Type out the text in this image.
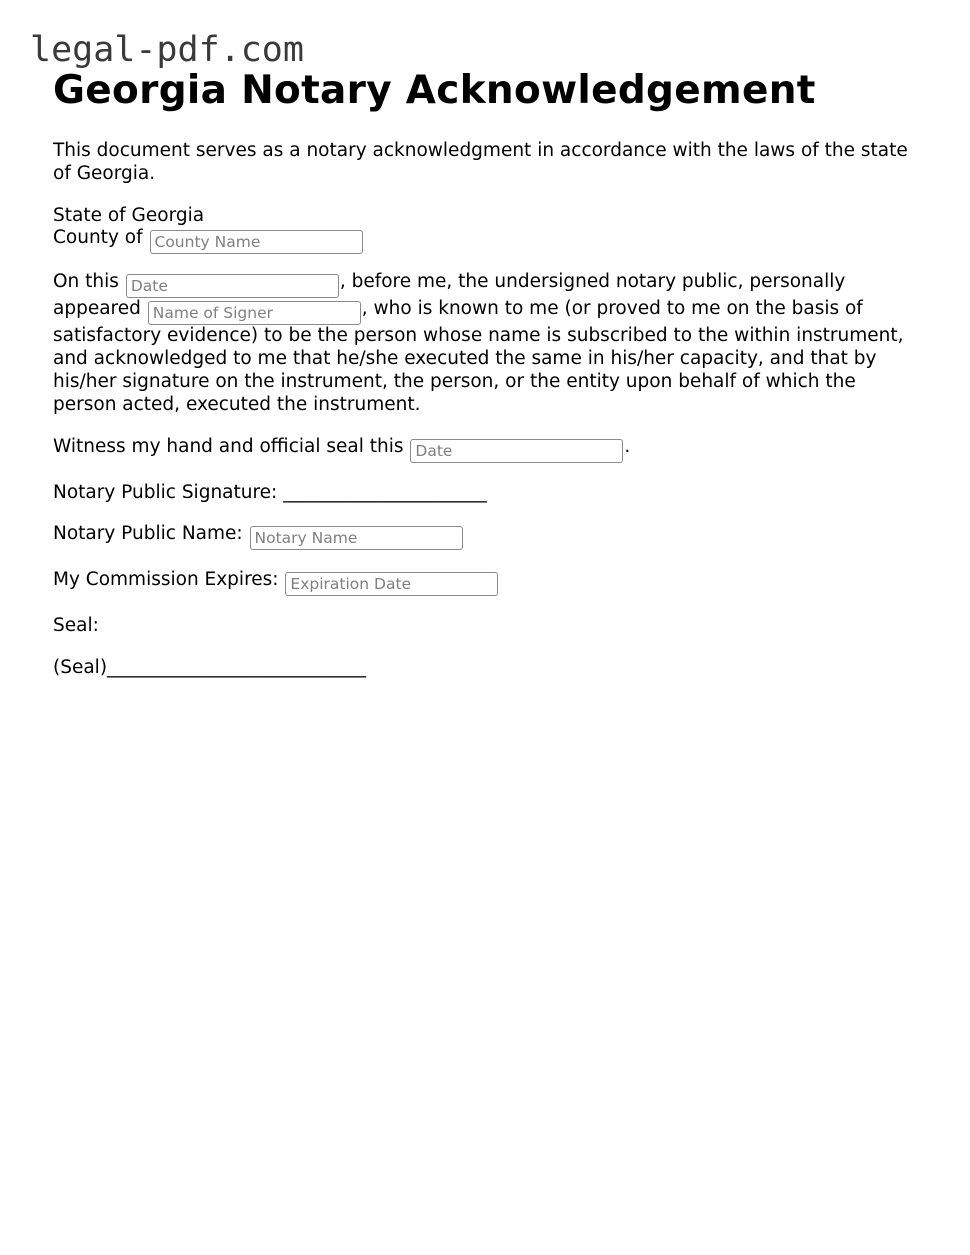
legal-pdf.com
Georgia Notary Acknowledgement

This document serves as a notary acknowledgment in accordance with the laws of the state of Georgia.

State of Georgia
County of County Name

On this Date	, before me, the undersigned notary public, personally appeared Name of Signer	, who is known to me (or proved to me on the basis of satisfactory evidence) to be the person whose name is subscribed to the within instrument, and acknowledged to me that he/she executed the same in his/her capacity, and that by his/her signature on the instrument, the person, or the entity upon behalf of which the person acted, executed the instrument.

Witness my hand and official seal this Date	.

Notary Public Signature: ______________________

Notary Public Name: Notary Name

My Commission Expires: Expiration Date

Seal:

(Seal)____________________________
